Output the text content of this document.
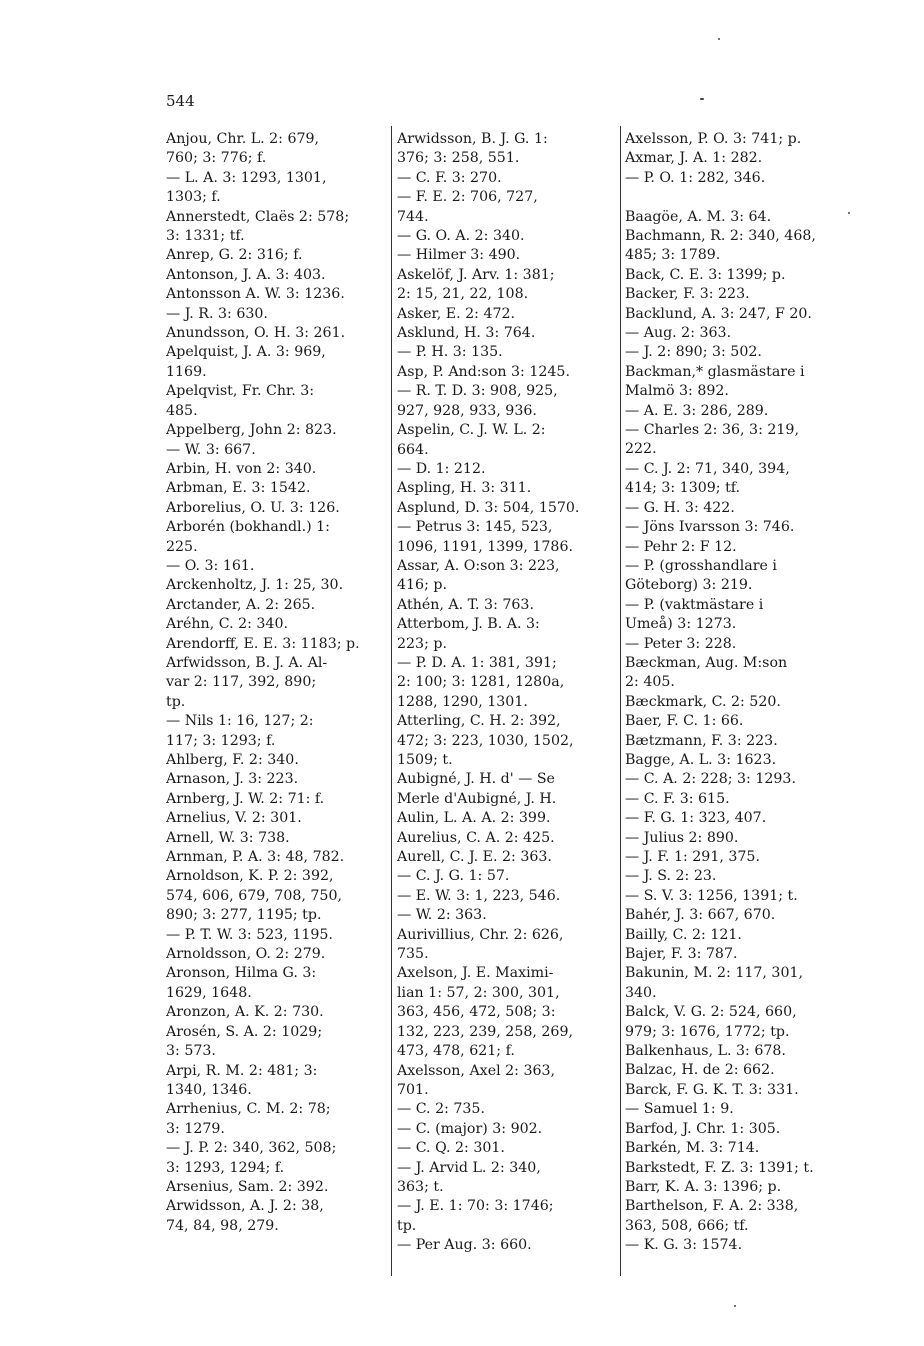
544
Anjou, Chr. L. 2: 679,
760; 3: 776; f.
— L. A. 3: 1293, 1301,
1303; f.
Annerstedt, Claës 2: 578;
3: 1331; tf.
Anrep, G. 2: 316; f.
Antonson, J. A. 3: 403.
Antonsson A. W. 3: 1236.
— J. R. 3: 630.
Anundsson, O. H. 3: 261.
Apelquist, J. A. 3: 969,
1169.
Apelqvist, Fr. Chr. 3:
485.
Appelberg, John 2: 823.
— W. 3: 667.
Arbin, H. von 2: 340.
Arbman, E. 3: 1542.
Arborelius, O. U. 3: 126.
Arborén (bokhandl.) 1:
225.
— O. 3: 161.
Arckenholtz, J. 1: 25, 30.
Arctander, A. 2: 265.
Aréhn, C. 2: 340.
Arendorff, E. E. 3: 1183; p.
Arfwidsson, B. J. A. Al-
var 2: 117, 392, 890;
tp.
— Nils 1: 16, 127; 2:
117; 3: 1293; f.
Ahlberg, F. 2: 340.
Arnason, J. 3: 223.
Arnberg, J. W. 2: 71: f.
Arnelius, V. 2: 301.
Arnell, W. 3: 738.
Arnman, P. A. 3: 48, 782.
Arnoldson, K. P. 2: 392,
574, 606, 679, 708, 750,
890; 3: 277, 1195; tp.
— P. T. W. 3: 523, 1195.
Arnoldsson, O. 2: 279.
Aronson, Hilma G. 3:
1629, 1648.
Aronzon, A. K. 2: 730.
Arosén, S. A. 2: 1029;
3: 573.
Arpi, R. M. 2: 481; 3:
1340, 1346.
Arrhenius, C. M. 2: 78;
3: 1279.
— J. P. 2: 340, 362, 508;
3: 1293, 1294; f.
Arsenius, Sam. 2: 392.
Arwidsson, A. J. 2: 38,
74, 84, 98, 279.
Arwidsson, B. J. G. 1:
376; 3: 258, 551.
— C. F. 3: 270.
— F. E. 2: 706, 727,
744.
— G. O. A. 2: 340.
— Hilmer 3: 490.
Askelöf, J. Arv. 1: 381;
2: 15, 21, 22, 108.
Asker, E. 2: 472.
Asklund, H. 3: 764.
— P. H. 3: 135.
Asp, P. And:son 3: 1245.
— R. T. D. 3: 908, 925,
927, 928, 933, 936.
Aspelin, C. J. W. L. 2:
664.
— D. 1: 212.
Aspling, H. 3: 311.
Asplund, D. 3: 504, 1570.
— Petrus 3: 145, 523,
1096, 1191, 1399, 1786.
Assar, A. O:son 3: 223,
416; p.
Athén, A. T. 3: 763.
Atterbom, J. B. A. 3:
223; p.
— P. D. A. 1: 381, 391;
2: 100; 3: 1281, 1280a,
1288, 1290, 1301.
Atterling, C. H. 2: 392,
472; 3: 223, 1030, 1502,
1509; t.
Aubigné, J. H. d' — Se
Merle d'Aubigné, J. H.
Aulin, L. A. A. 2: 399.
Aurelius, C. A. 2: 425.
Aurell, C. J. E. 2: 363.
— C. J. G. 1: 57.
— E. W. 3: 1, 223, 546.
— W. 2: 363.
Aurivillius, Chr. 2: 626,
735.
Axelson, J. E. Maximi-
lian 1: 57, 2: 300, 301,
363, 456, 472, 508; 3:
132, 223, 239, 258, 269,
473, 478, 621; f.
Axelsson, Axel 2: 363,
701.
— C. 2: 735.
— C. (major) 3: 902.
— C. Q. 2: 301.
— J. Arvid L. 2: 340,
363; t.
— J. E. 1: 70: 3: 1746;
tp.
— Per Aug. 3: 660.
Axelsson, P. O. 3: 741; p.
Axmar, J. A. 1: 282.
— P. O. 1: 282, 346.
Baagöe, A. M. 3: 64.
Bachmann, R. 2: 340, 468,
485; 3: 1789.
Back, C. E. 3: 1399; p.
Backer, F. 3: 223.
Backlund, A. 3: 247, F 20.
— Aug. 2: 363.
— J. 2: 890; 3: 502.
Backman,* glasmästare i
Malmö 3: 892.
— A. E. 3: 286, 289.
— Charles 2: 36, 3: 219,
222.
— C. J. 2: 71, 340, 394,
414; 3: 1309; tf.
— G. H. 3: 422.
— Jöns Ivarsson 3: 746.
— Pehr 2: F 12.
— P. (grosshandlare i
Göteborg) 3: 219.
— P. (vaktmästare i
Umeå) 3: 1273.
— Peter 3: 228.
Bæckman, Aug. M:son
2: 405.
Bæckmark, C. 2: 520.
Baer, F. C. 1: 66.
Bætzmann, F. 3: 223.
Bagge, A. L. 3: 1623.
— C. A. 2: 228; 3: 1293.
— C. F. 3: 615.
— F. G. 1: 323, 407.
— Julius 2: 890.
— J. F. 1: 291, 375.
— J. S. 2: 23.
— S. V. 3: 1256, 1391; t.
Bahér, J. 3: 667, 670.
Bailly, C. 2: 121.
Bajer, F. 3: 787.
Bakunin, M. 2: 117, 301,
340.
Balck, V. G. 2: 524, 660,
979; 3: 1676, 1772; tp.
Balkenhaus, L. 3: 678.
Balzac, H. de 2: 662.
Barck, F. G. K. T. 3: 331.
— Samuel 1: 9.
Barfod, J. Chr. 1: 305.
Barkén, M. 3: 714.
Barkstedt, F. Z. 3: 1391; t.
Barr, K. A. 3: 1396; p.
Barthelson, F. A. 2: 338,
363, 508, 666; tf.
— K. G. 3: 1574.
